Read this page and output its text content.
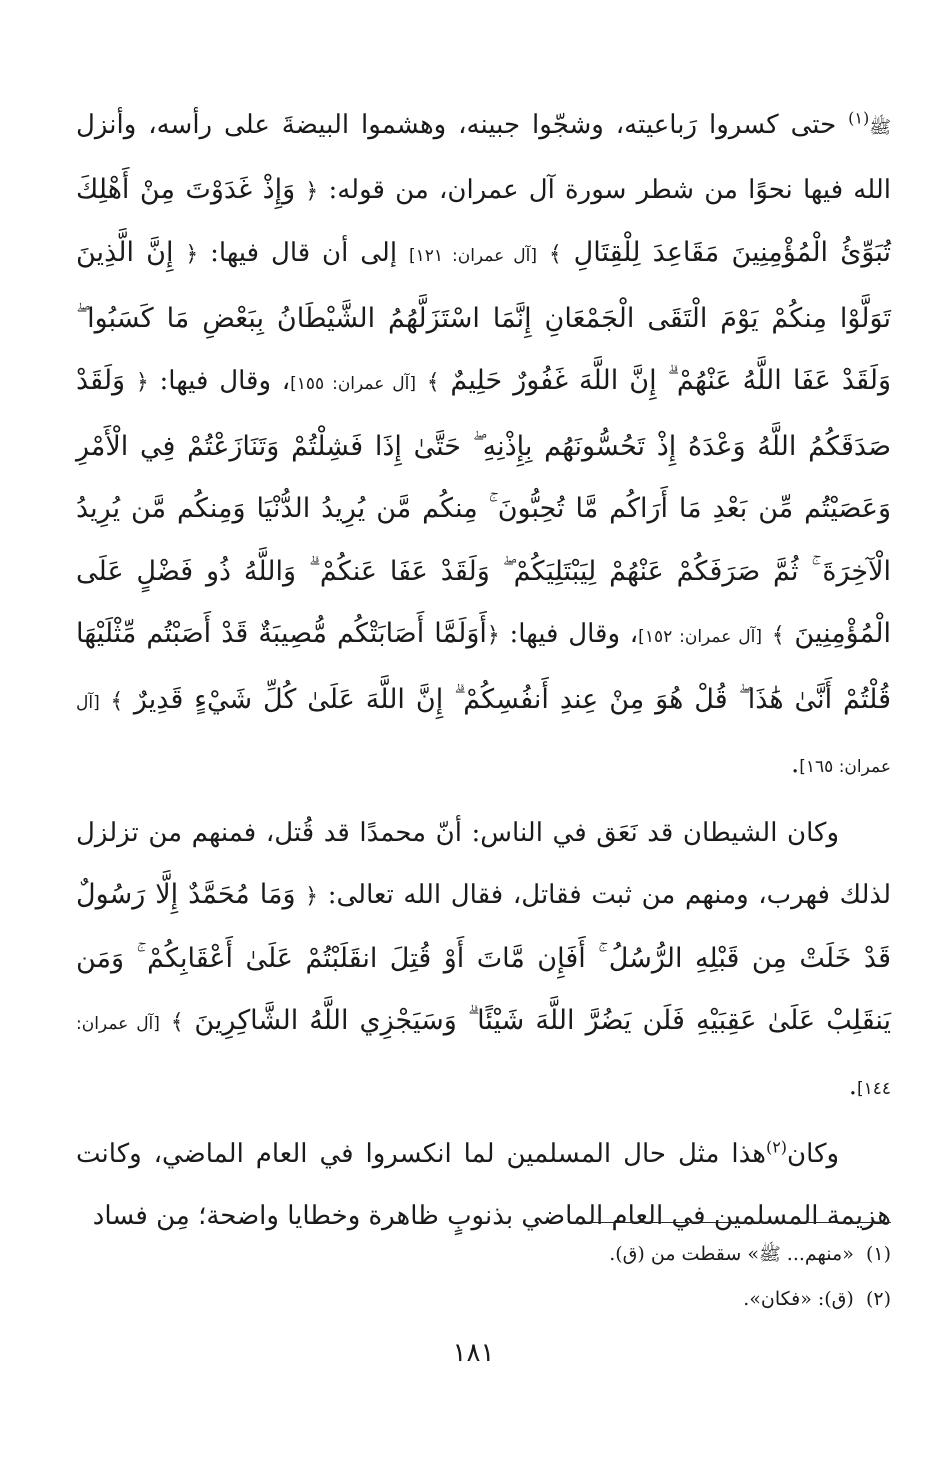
ﷺ$^{(١)}$ حتى كسروا رَباعيته، وشجّوا جبينه، وهشموا البيضةَ على رأسه، وأنزل الله فيها نحوًا من شطر سورة آل عمران، من قوله: ﴿ وَإِذْ غَدَوْتَ مِنْ أَهْلِكَ تُبَوِّئُ الْمُؤْمِنِينَ مَقَاعِدَ لِلْقِتَالِ ﴾ [آل عمران: ١٢١] إلى أن قال فيها: ﴿ إِنَّ الَّذِينَ تَوَلَّوْا مِنكُمْ يَوْمَ الْتَقَى الْجَمْعَانِ إِنَّمَا اسْتَزَلَّهُمُ الشَّيْطَانُ بِبَعْضِ مَا كَسَبُوا ۖ وَلَقَدْ عَفَا اللَّهُ عَنْهُمْ ۗ إِنَّ اللَّهَ غَفُورٌ حَلِيمٌ ﴾ [آل عمران: ١٥٥]، وقال فيها: ﴿ وَلَقَدْ صَدَقَكُمُ اللَّهُ وَعْدَهُ إِذْ تَحُسُّونَهُم بِإِذْنِهِ ۖ حَتَّىٰ إِذَا فَشِلْتُمْ وَتَنَازَعْتُمْ فِي الْأَمْرِ وَعَصَيْتُم مِّن بَعْدِ مَا أَرَاكُم مَّا تُحِبُّونَ ۚ مِنكُم مَّن يُرِيدُ الدُّنْيَا وَمِنكُم مَّن يُرِيدُ الْآخِرَةَ ۚ ثُمَّ صَرَفَكُمْ عَنْهُمْ لِيَبْتَلِيَكُمْ ۖ وَلَقَدْ عَفَا عَنكُمْ ۗ وَاللَّهُ ذُو فَضْلٍ عَلَى الْمُؤْمِنِينَ ﴾ [آل عمران: ١٥٢]، وقال فيها: ﴿أَوَلَمَّا أَصَابَتْكُم مُّصِيبَةٌ قَدْ أَصَبْتُم مِّثْلَيْهَا قُلْتُمْ أَنَّىٰ هَٰذَا ۖ قُلْ هُوَ مِنْ عِندِ أَنفُسِكُمْ ۗ إِنَّ اللَّهَ عَلَىٰ كُلِّ شَيْءٍ قَدِيرٌ ﴾ [آل عمران: ١٦٥].

وكان الشيطان قد نَعَق في الناس: أنّ محمدًا قد قُتل، فمنهم من تزلزل لذلك فهرب، ومنهم من ثبت فقاتل، فقال الله تعالى: ﴿ وَمَا مُحَمَّدٌ إِلَّا رَسُولٌ قَدْ خَلَتْ مِن قَبْلِهِ الرُّسُلُ ۚ أَفَإِن مَّاتَ أَوْ قُتِلَ انقَلَبْتُمْ عَلَىٰ أَعْقَابِكُمْ ۚ وَمَن يَنقَلِبْ عَلَىٰ عَقِبَيْهِ فَلَن يَضُرَّ اللَّهَ شَيْئًا ۗ وَسَيَجْزِي اللَّهُ الشَّاكِرِينَ ﴾ [آل عمران: ١٤٤].

وكان$^{(٢)}$هذا مثل حال المسلمين لما انكسروا في العام الماضي، وكانت هزيمة المسلمين في العام الماضي بذنوبٍ ظاهرة وخطايا واضحة؛ مِن فساد

(١)  «منهم... ﷺ» سقطت من (ق).

(٢)  (ق): «فكان».

١٨١
